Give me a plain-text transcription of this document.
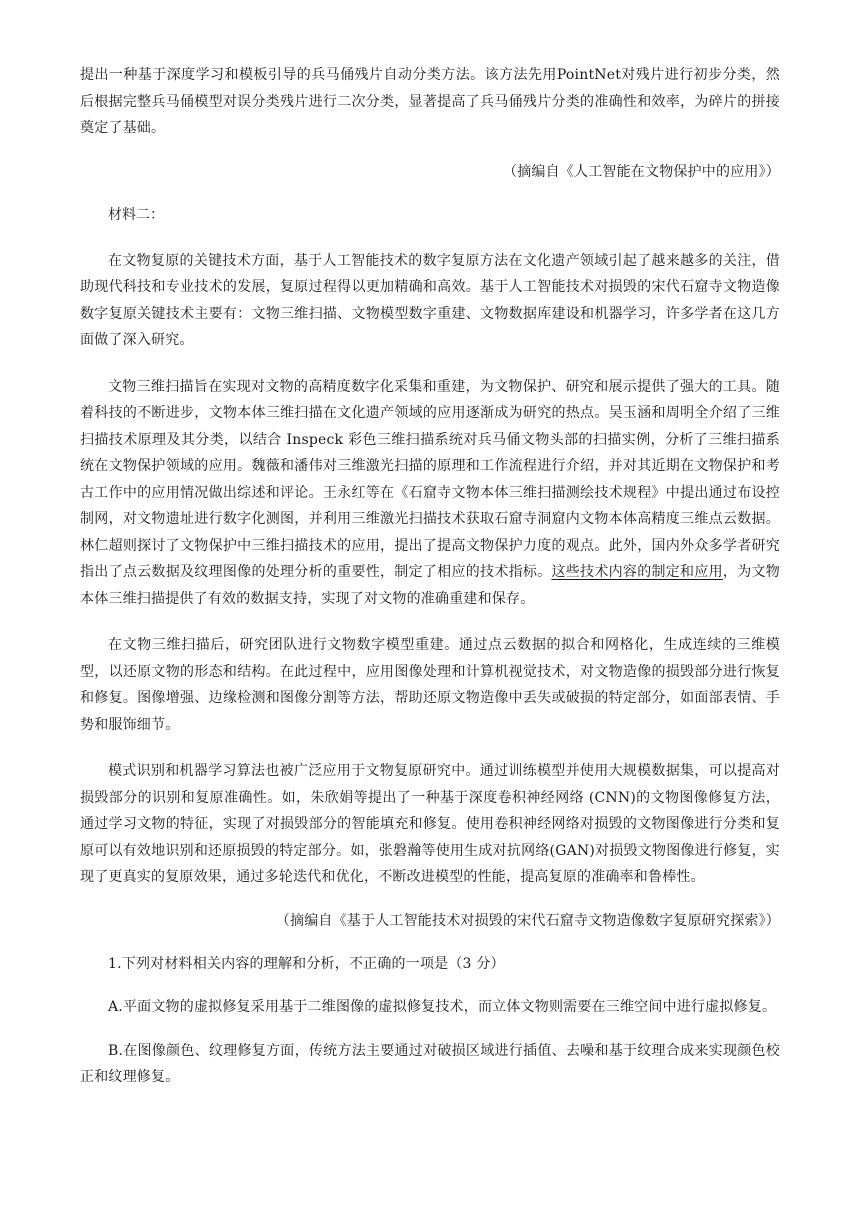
提出一种基于深度学习和模板引导的兵马俑残片自动分类方法。该方法先用PointNet对残片进行初步分类，然后根据完整兵马俑模型对误分类残片进行二次分类，显著提高了兵马俑残片分类的准确性和效率，为碎片的拼接奠定了基础。

（摘编自《人工智能在文物保护中的应用》）

材料二：

在文物复原的关键技术方面，基于人工智能技术的数字复原方法在文化遗产领域引起了越来越多的关注，借助现代科技和专业技术的发展，复原过程得以更加精确和高效。基于人工智能技术对损毁的宋代石窟寺文物造像数字复原关键技术主要有：文物三维扫描、文物模型数字重建、文物数据库建设和机器学习，许多学者在这几方面做了深入研究。

文物三维扫描旨在实现对文物的高精度数字化采集和重建，为文物保护、研究和展示提供了强大的工具。随着科技的不断进步，文物本体三维扫描在文化遗产领域的应用逐渐成为研究的热点。吴玉涵和周明全介绍了三维扫描技术原理及其分类，以结合 Inspeck 彩色三维扫描系统对兵马俑文物头部的扫描实例，分析了三维扫描系统在文物保护领域的应用。魏薇和潘伟对三维激光扫描的原理和工作流程进行介绍，并对其近期在文物保护和考古工作中的应用情况做出综述和评论。王永红等在《石窟寺文物本体三维扫描测绘技术规程》中提出通过布设控制网，对文物遗址进行数字化测图，并利用三维激光扫描技术获取石窟寺洞窟内文物本体高精度三维点云数据。林仁超则探讨了文物保护中三维扫描技术的应用，提出了提高文物保护力度的观点。此外，国内外众多学者研究指出了点云数据及纹理图像的处理分析的重要性，制定了相应的技术指标。这些技术内容的制定和应用，为文物本体三维扫描提供了有效的数据支持，实现了对文物的准确重建和保存。

在文物三维扫描后，研究团队进行文物数字模型重建。通过点云数据的拟合和网格化，生成连续的三维模型，以还原文物的形态和结构。在此过程中，应用图像处理和计算机视觉技术，对文物造像的损毁部分进行恢复和修复。图像增强、边缘检测和图像分割等方法，帮助还原文物造像中丢失或破损的特定部分，如面部表情、手势和服饰细节。

模式识别和机器学习算法也被广泛应用于文物复原研究中。通过训练模型并使用大规模数据集，可以提高对损毁部分的识别和复原准确性。如，朱欣娟等提出了一种基于深度卷积神经网络 (CNN)的文物图像修复方法，通过学习文物的特征，实现了对损毁部分的智能填充和修复。使用卷积神经网络对损毁的文物图像进行分类和复原可以有效地识别和还原损毁的特定部分。如，张磐瀚等使用生成对抗网络(GAN)对损毁文物图像进行修复，实现了更真实的复原效果，通过多轮迭代和优化，不断改进模型的性能，提高复原的准确率和鲁棒性。

（摘编自《基于人工智能技术对损毁的宋代石窟寺文物造像数字复原研究探索》）

1.下列对材料相关内容的理解和分析，不正确的一项是（3 分）

A.平面文物的虚拟修复采用基于二维图像的虚拟修复技术，而立体文物则需要在三维空间中进行虚拟修复。

B.在图像颜色、纹理修复方面，传统方法主要通过对破损区域进行插值、去噪和基于纹理合成来实现颜色校正和纹理修复。
